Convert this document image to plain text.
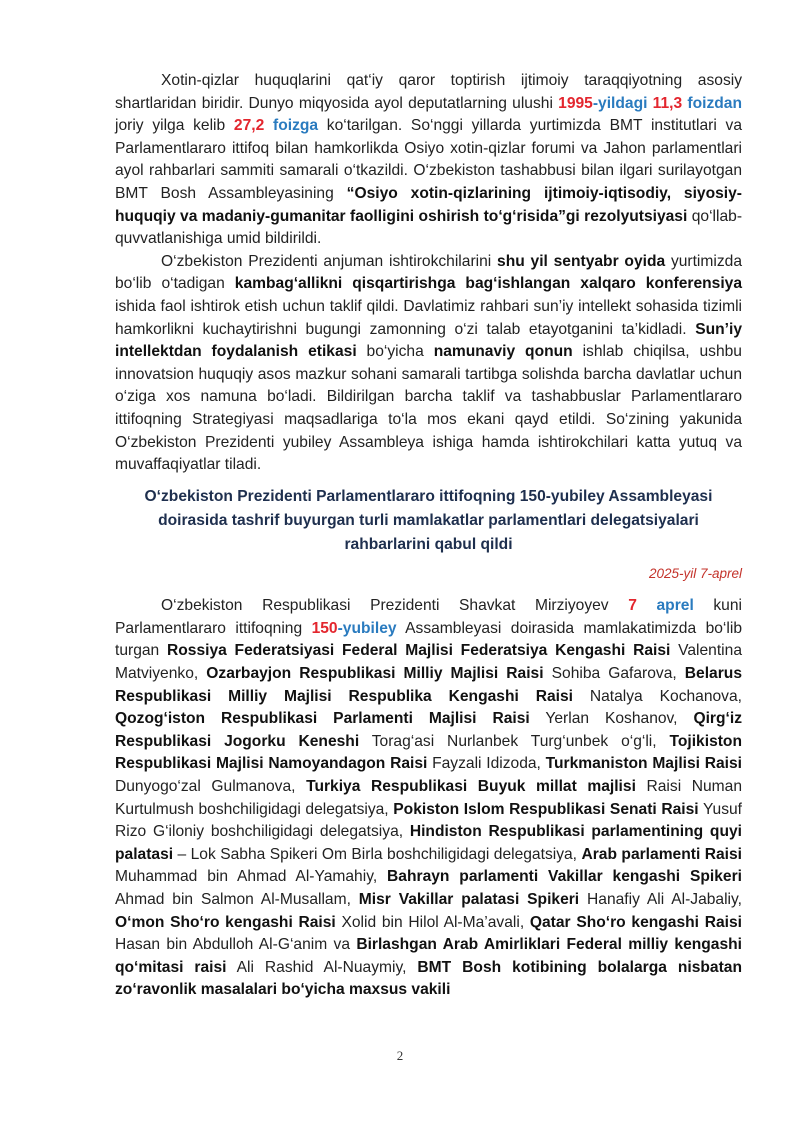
Xotin-qizlar huquqlarini qat‘iy qaror toptirish ijtimoiy taraqqiyotning asosiy shartlaridan biridir. Dunyo miqyosida ayol deputatlarning ulushi 1995-yildagi 11,3 foizdan joriy yilga kelib 27,2 foizga ko‘tarilgan. So‘nggi yillarda yurtimizda BMT institutlari va Parlamentlararo ittifoq bilan hamkorlikda Osiyo xotin-qizlar forumi va Jahon parlamentlari ayol rahbarlari sammiti samarali o‘tkazildi. O‘zbekiston tashabbusi bilan ilgari surilayotgan BMT Bosh Assambleyasining “Osiyo xotin-qizlarining ijtimoiy-iqtisodiy, siyosiy-huquqiy va madaniy-gumanitar faolligini oshirish to‘g‘risida”gi rezolyutsiyasi qo‘llab-quvvatlanishiga umid bildirildi.

O‘zbekiston Prezidenti anjuman ishtirokchilarini shu yil sentyabr oyida yurtimizda bo‘lib o‘tadigan kambag‘allikni qisqartirishga bag‘ishlangan xalqaro konferensiya ishida faol ishtirok etish uchun taklif qildi. Davlatimiz rahbari sun’iy intellekt sohasida tizimli hamkorlikni kuchaytirishni bugungi zamonning o‘zi talab etayotganini ta’kidladi. Sun’iy intellektdan foydalanish etikasi bo‘yicha namunaviy qonun ishlab chiqilsa, ushbu innovatsion huquqiy asos mazkur sohani samarali tartibga solishda barcha davlatlar uchun o‘ziga xos namuna bo‘ladi. Bildirilgan barcha taklif va tashabbuslar Parlamentlararo ittifoqning Strategiyasi maqsadlariga to‘la mos ekani qayd etildi. So‘zining yakunida O‘zbekiston Prezidenti yubiley Assambleya ishiga hamda ishtirokchilari katta yutuq va muvaffaqiyatlar tiladi.

O‘zbekiston Prezidenti Parlamentlararo ittifoqning 150-yubiley Assambleyasi doirasida tashrif buyurgan turli mamlakatlar parlamentlari delegatsiyalari rahbarlarini qabul qildi
2025-yil 7-aprel

O‘zbekiston Respublikasi Prezidenti Shavkat Mirziyoyev 7 aprel kuni Parlamentlararo ittifoqning 150-yubiley Assambleyasi doirasida mamlakatimizda bo‘lib turgan Rossiya Federatsiyasi Federal Majlisi Federatsiya Kengashi Raisi Valentina Matviyenko, Ozarbayjon Respublikasi Milliy Majlisi Raisi Sohiba Gafarova, Belarus Respublikasi Milliy Majlisi Respublika Kengashi Raisi Natalya Kochanova, Qozog‘iston Respublikasi Parlamenti Majlisi Raisi Yerlan Koshanov, Qirg‘iz Respublikasi Jogorku Keneshi Torag‘asi Nurlanbek Turg‘unbek o‘g‘li, Tojikiston Respublikasi Majlisi Namoyandagon Raisi Fayzali Idizoda, Turkmaniston Majlisi Raisi Dunyogo‘zal Gulmanova, Turkiya Respublikasi Buyuk millat majlisi Raisi Numan Kurtulmush boshchiligidagi delegatsiya, Pokiston Islom Respublikasi Senati Raisi Yusuf Rizo G‘iloniy boshchiligidagi delegatsiya, Hindiston Respublikasi parlamentining quyi palatasi – Lok Sabha Spikeri Om Birla boshchiligidagi delegatsiya, Arab parlamenti Raisi Muhammad bin Ahmad Al-Yamahiy, Bahrayn parlamenti Vakillar kengashi Spikeri Ahmad bin Salmon Al-Musallam, Misr Vakillar palatasi Spikeri Hanafiy Ali Al-Jabaliy, O‘mon Sho‘ro kengashi Raisi Xolid bin Hilol Al-Ma’avali, Qatar Sho‘ro kengashi Raisi Hasan bin Abdulloh Al-G‘anim va Birlashgan Arab Amirliklari Federal milliy kengashi qo‘mitasi raisi Ali Rashid Al-Nuaymiy, BMT Bosh kotibining bolalarga nisbatan zo‘ravonlik masalalari bo‘yicha maxsus vakili

2
